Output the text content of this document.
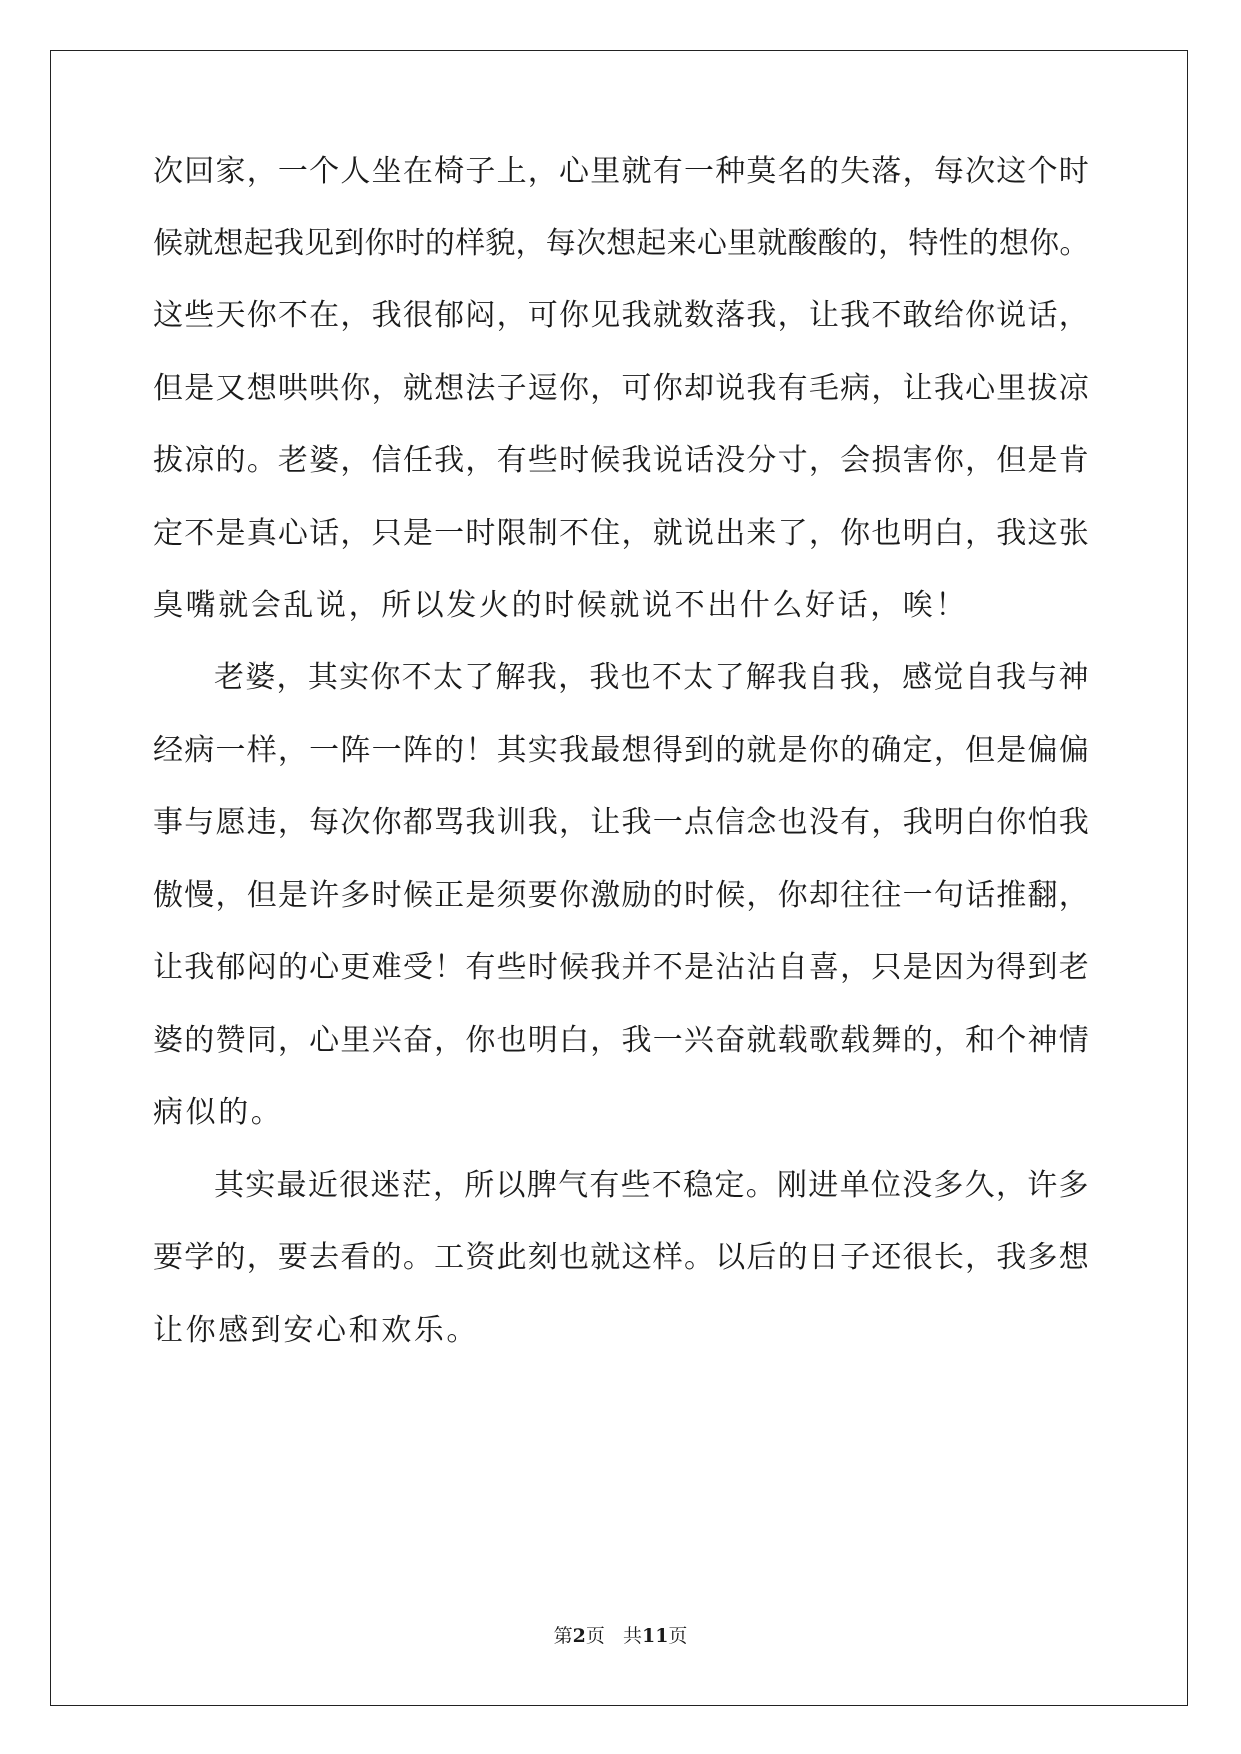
次回家，一个人坐在椅子上，心里就有一种莫名的失落，每次这个时
候就想起我见到你时的样貌，每次想起来心里就酸酸的，特性的想你。
这些天你不在，我很郁闷，可你见我就数落我，让我不敢给你说话，
但是又想哄哄你，就想法子逗你，可你却说我有毛病，让我心里拔凉
拔凉的。老婆，信任我，有些时候我说话没分寸，会损害你，但是肯
定不是真心话，只是一时限制不住，就说出来了，你也明白，我这张
臭嘴就会乱说，所以发火的时候就说不出什么好话，唉！
老婆，其实你不太了解我，我也不太了解我自我，感觉自我与神
经病一样，一阵一阵的！其实我最想得到的就是你的确定，但是偏偏
事与愿违，每次你都骂我训我，让我一点信念也没有，我明白你怕我
傲慢，但是许多时候正是须要你激励的时候，你却往往一句话推翻，
让我郁闷的心更难受！有些时候我并不是沾沾自喜，只是因为得到老
婆的赞同，心里兴奋，你也明白，我一兴奋就载歌载舞的，和个神情
病似的。
其实最近很迷茫，所以脾气有些不稳定。刚进单位没多久，许多
要学的，要去看的。工资此刻也就这样。以后的日子还很长，我多想
让你感到安心和欢乐。
第2页 共11页
